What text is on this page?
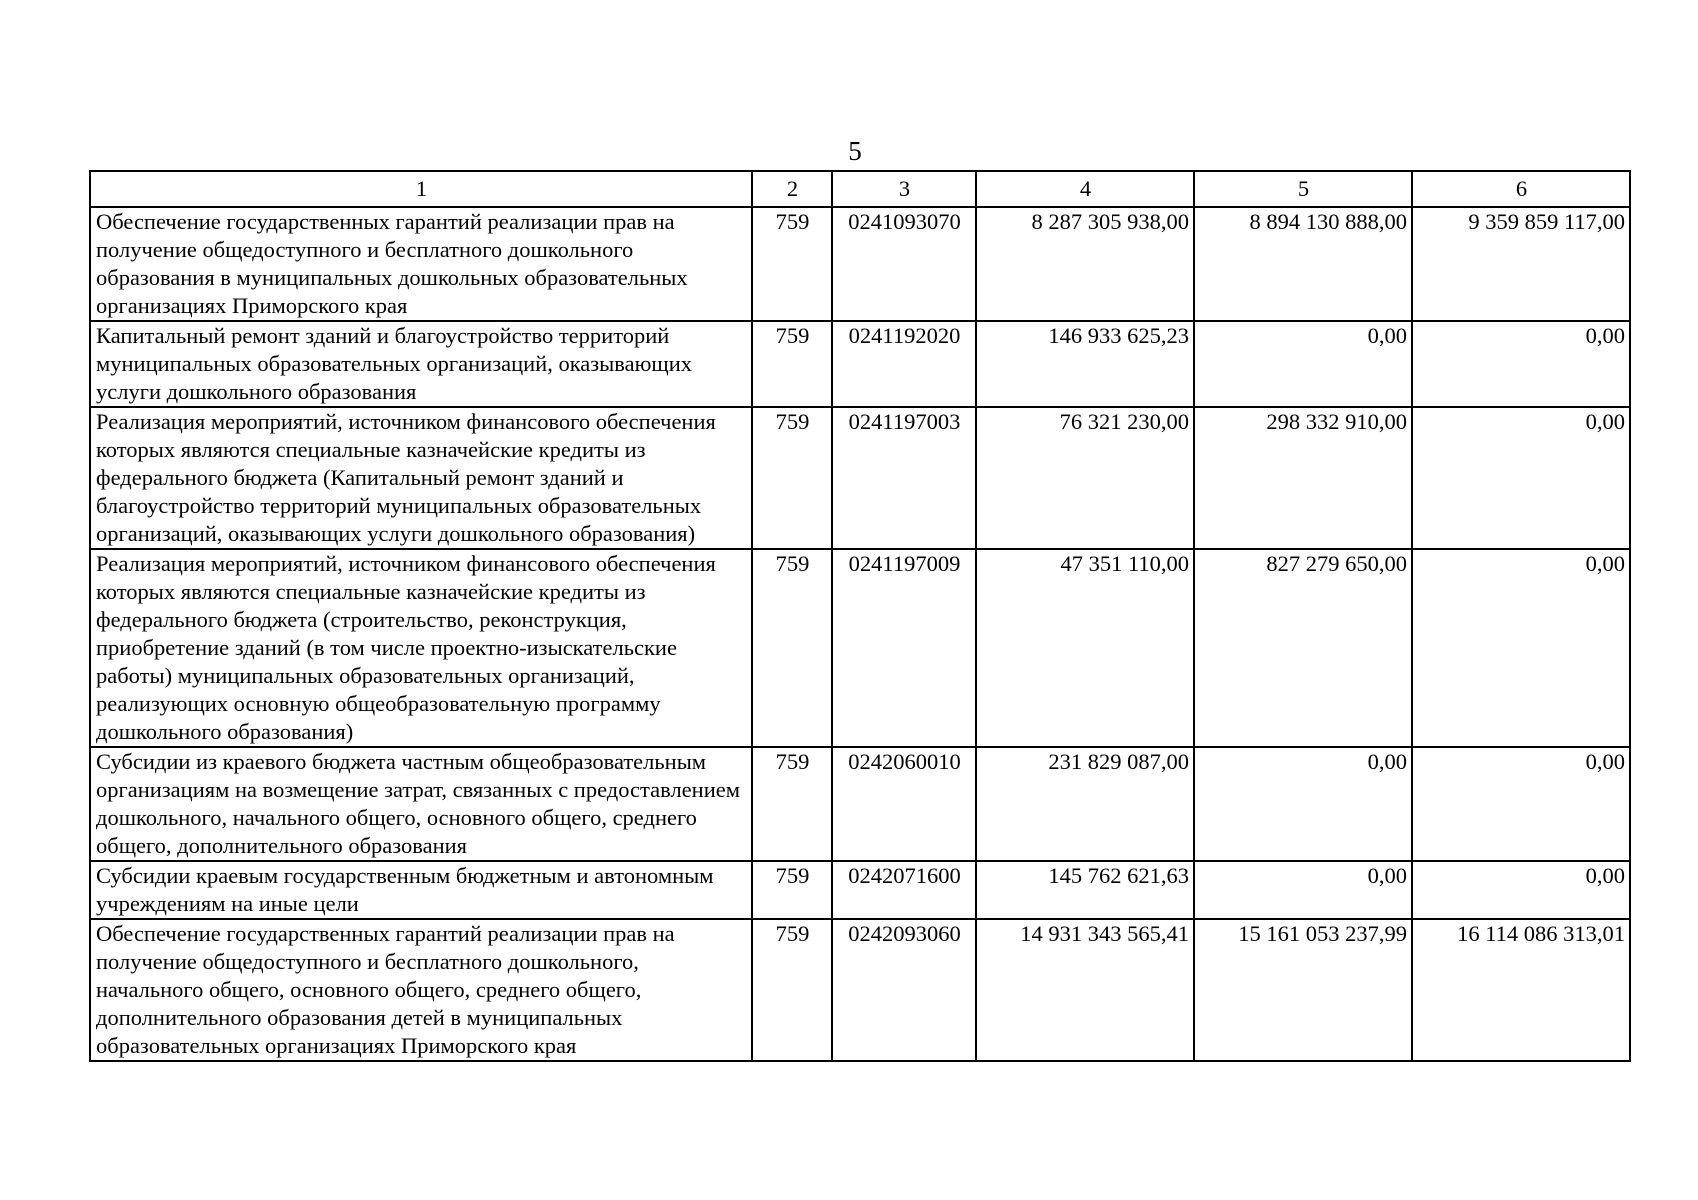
5
1	2	3	4	5	6
Обеспечение государственных гарантий реализации прав на получение общедоступного и бесплатного дошкольного образования в муниципальных дошкольных образовательных организациях Приморского края	759	0241093070	8 287 305 938,00	8 894 130 888,00	9 359 859 117,00
Капитальный ремонт зданий и благоустройство территорий муниципальных образовательных организаций, оказывающих услуги дошкольного образования	759	0241192020	146 933 625,23	0,00	0,00
Реализация мероприятий, источником финансового обеспечения которых являются специальные казначейские кредиты из федерального бюджета (Капитальный ремонт зданий и благоустройство территорий муниципальных образовательных организаций, оказывающих услуги дошкольного образования)	759	0241197003	76 321 230,00	298 332 910,00	0,00
Реализация мероприятий, источником финансового обеспечения которых являются специальные казначейские кредиты из федерального бюджета (строительство, реконструкция, приобретение зданий (в том числе проектно-изыскательские работы) муниципальных образовательных организаций, реализующих основную общеобразовательную программу дошкольного образования)	759	0241197009	47 351 110,00	827 279 650,00	0,00
Субсидии из краевого бюджета частным общеобразовательным организациям на возмещение затрат, связанных с предоставлением дошкольного, начального общего, основного общего, среднего общего, дополнительного образования	759	0242060010	231 829 087,00	0,00	0,00
Субсидии краевым государственным бюджетным и автономным учреждениям на иные цели	759	0242071600	145 762 621,63	0,00	0,00
Обеспечение государственных гарантий реализации прав на получение общедоступного и бесплатного дошкольного, начального общего, основного общего, среднего общего, дополнительного образования детей в муниципальных образовательных организациях Приморского края	759	0242093060	14 931 343 565,41	15 161 053 237,99	16 114 086 313,01
